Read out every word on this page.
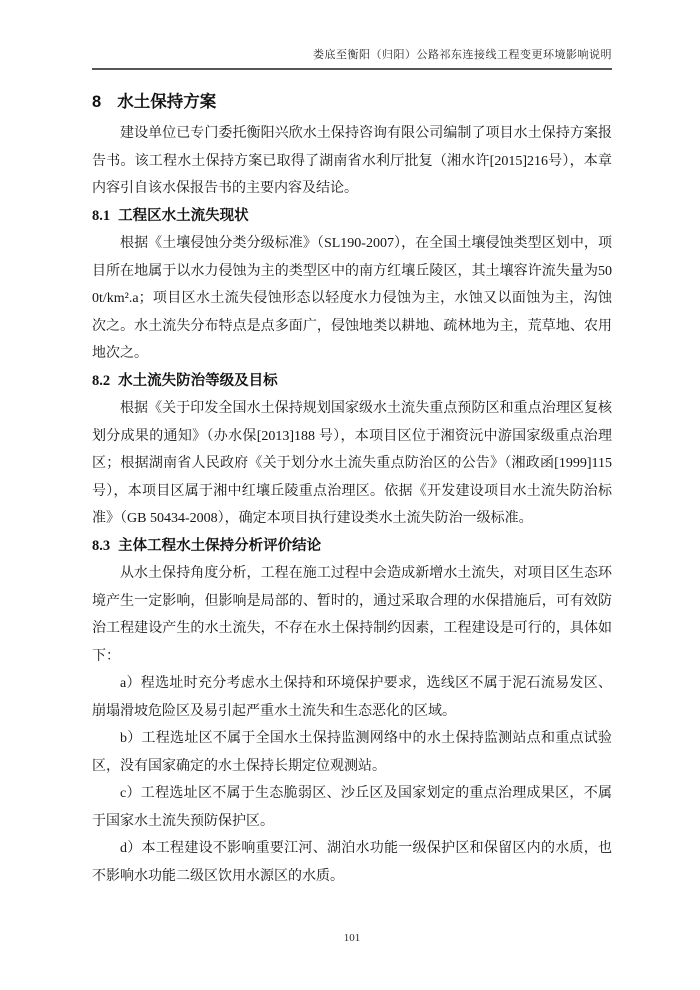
娄底至衡阳（归阳）公路祁东连接线工程变更环境影响说明
8 水土保持方案

建设单位已专门委托衡阳兴欣水土保持咨询有限公司编制了项目水土保持方案报告书。该工程水土保持方案已取得了湖南省水利厅批复（湘水许[2015]216号），本章内容引自该水保报告书的主要内容及结论。

8.1 工程区水土流失现状

根据《土壤侵蚀分类分级标准》（SL190-2007），在全国土壤侵蚀类型区划中，项目所在地属于以水力侵蚀为主的类型区中的南方红壤丘陵区，其土壤容许流失量为500t/km².a；项目区水土流失侵蚀形态以轻度水力侵蚀为主，水蚀又以面蚀为主，沟蚀次之。水土流失分布特点是点多面广，侵蚀地类以耕地、疏林地为主，荒草地、农用地次之。

8.2 水土流失防治等级及目标

根据《关于印发全国水土保持规划国家级水土流失重点预防区和重点治理区复核划分成果的通知》（办水保[2013]188 号），本项目区位于湘资沅中游国家级重点治理区；根据湖南省人民政府《关于划分水土流失重点防治区的公告》（湘政函[1999]115号），本项目区属于湘中红壤丘陵重点治理区。依据《开发建设项目水土流失防治标准》（GB 50434-2008），确定本项目执行建设类水土流失防治一级标准。

8.3 主体工程水土保持分析评价结论

从水土保持角度分析，工程在施工过程中会造成新增水土流失，对项目区生态环境产生一定影响，但影响是局部的、暂时的，通过采取合理的水保措施后，可有效防治工程建设产生的水土流失，不存在水土保持制约因素，工程建设是可行的，具体如下：

a）程选址时充分考虑水土保持和环境保护要求，选线区不属于泥石流易发区、崩塌滑坡危险区及易引起严重水土流失和生态恶化的区域。

b）工程选址区不属于全国水土保持监测网络中的水土保持监测站点和重点试验区，没有国家确定的水土保持长期定位观测站。

c）工程选址区不属于生态脆弱区、沙丘区及国家划定的重点治理成果区，不属于国家水土流失预防保护区。

d）本工程建设不影响重要江河、湖泊水功能一级保护区和保留区内的水质，也不影响水功能二级区饮用水源区的水质。

101
